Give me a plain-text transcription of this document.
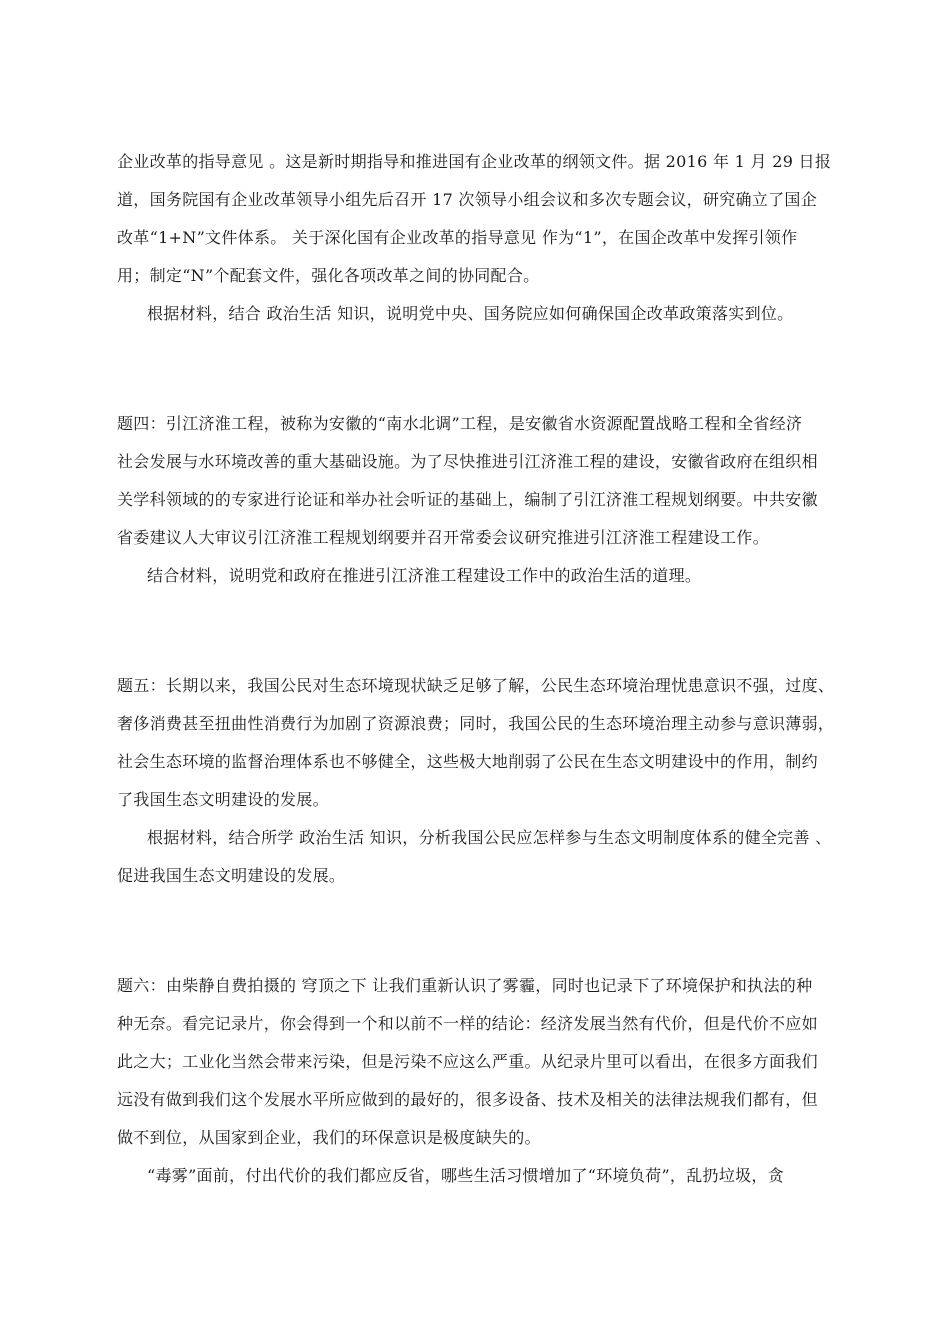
企业改革的指导意见 。这是新时期指导和推进国有企业改革的纲领文件。据 2016 年 1 月 29 日报
道，国务院国有企业改革领导小组先后召开 17 次领导小组会议和多次专题会议，研究确立了国企
改革“1+N”文件体系。 关于深化国有企业改革的指导意见 作为“1”，在国企改革中发挥引领作
用；制定“N”个配套文件，强化各项改革之间的协同配合。
根据材料，结合 政治生活 知识，说明党中央、国务院应如何确保国企改革政策落实到位。
题四：引江济淮工程，被称为安徽的“南水北调”工程，是安徽省水资源配置战略工程和全省经济
社会发展与水环境改善的重大基础设施。为了尽快推进引江济淮工程的建设，安徽省政府在组织相
关学科领域的的专家进行论证和举办社会听证的基础上，编制了引江济淮工程规划纲要。中共安徽
省委建议人大审议引江济淮工程规划纲要并召开常委会议研究推进引江济淮工程建设工作。
结合材料，说明党和政府在推进引江济淮工程建设工作中的政治生活的道理。
题五：长期以来，我国公民对生态环境现状缺乏足够了解，公民生态环境治理忧患意识不强，过度、
奢侈消费甚至扭曲性消费行为加剧了资源浪费；同时，我国公民的生态环境治理主动参与意识薄弱，
社会生态环境的监督治理体系也不够健全，这些极大地削弱了公民在生态文明建设中的作用，制约
了我国生态文明建设的发展。
根据材料，结合所学 政治生活 知识，分析我国公民应怎样参与生态文明制度体系的健全完善 、
促进我国生态文明建设的发展。
题六：由柴静自费拍摄的 穹顶之下 让我们重新认识了雾霾，同时也记录下了环境保护和执法的种
种无奈。看完记录片，你会得到一个和以前不一样的结论：经济发展当然有代价，但是代价不应如
此之大；工业化当然会带来污染，但是污染不应这么严重。从纪录片里可以看出，在很多方面我们
远没有做到我们这个发展水平所应做到的最好的，很多设备、技术及相关的法律法规我们都有，但
做不到位，从国家到企业，我们的环保意识是极度缺失的。
“毒雾”面前，付出代价的我们都应反省，哪些生活习惯增加了“环境负荷”，乱扔垃圾，贪
